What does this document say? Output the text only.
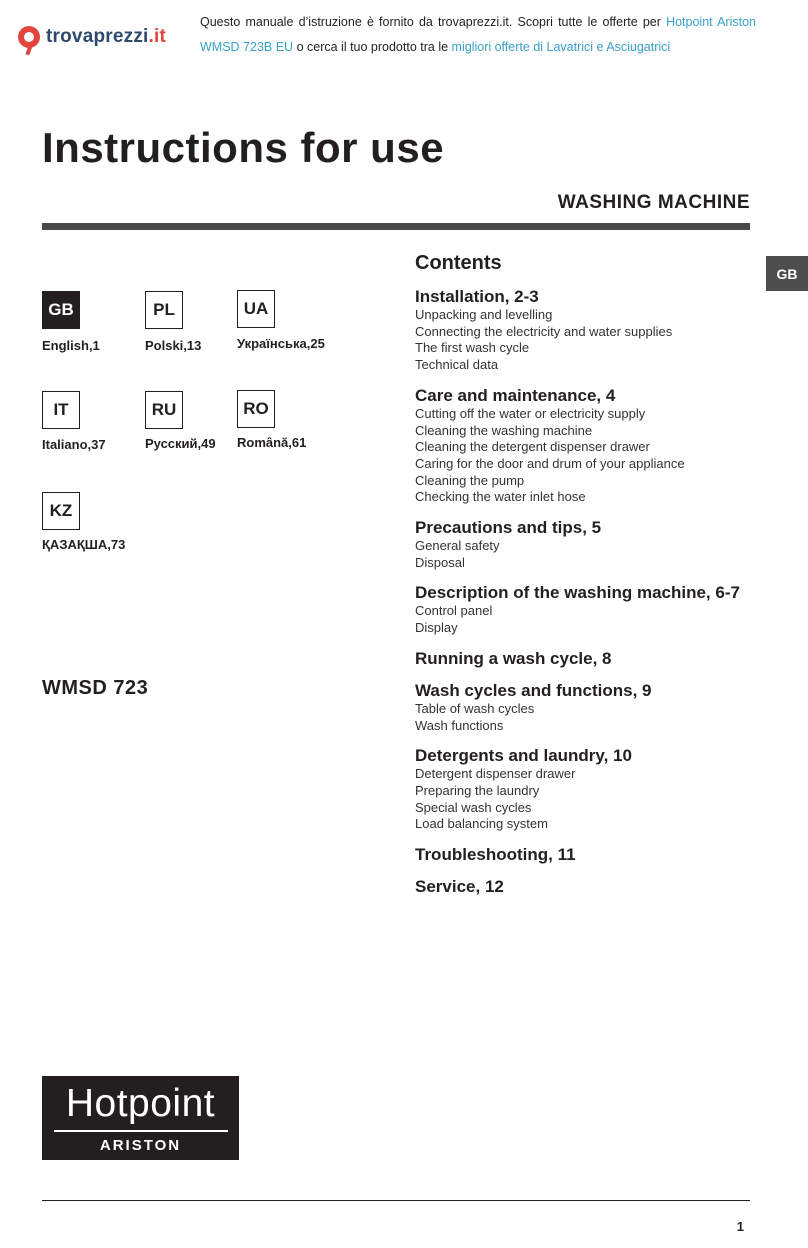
trovaprezzi.it
Questo manuale d’istruzione è fornito da trovaprezzi.it. Scopri tutte le offerte per Hotpoint Ariston
WMSD 723B EU o cerca il tuo prodotto tra le migliori offerte di Lavatrici e Asciugatrici
Instructions for use
WASHING MACHINE
GB
GB
English,1
PL
Polski,13
UA
Українська,25
IT
Italiano,37
RU
Русский,49
RO
Română,61
KZ
ҚАЗАҚША,73
WMSD 723
Contents
Installation, 2-3
Unpacking and levelling
Connecting the electricity and water supplies
The first wash cycle
Technical data
Care and maintenance, 4
Cutting off the water or electricity supply
Cleaning the washing machine
Cleaning the detergent dispenser drawer
Caring for the door and drum of your appliance
Cleaning the pump
Checking the water inlet hose
Precautions and tips, 5
General safety
Disposal
Description of the washing machine, 6-7
Control panel
Display
Running a wash cycle, 8
Wash cycles and functions, 9
Table of wash cycles
Wash functions
Detergents and laundry, 10
Detergent dispenser drawer
Preparing the laundry
Special wash cycles
Load balancing system
Troubleshooting, 11
Service, 12
Hotpoint
ARISTON
1
